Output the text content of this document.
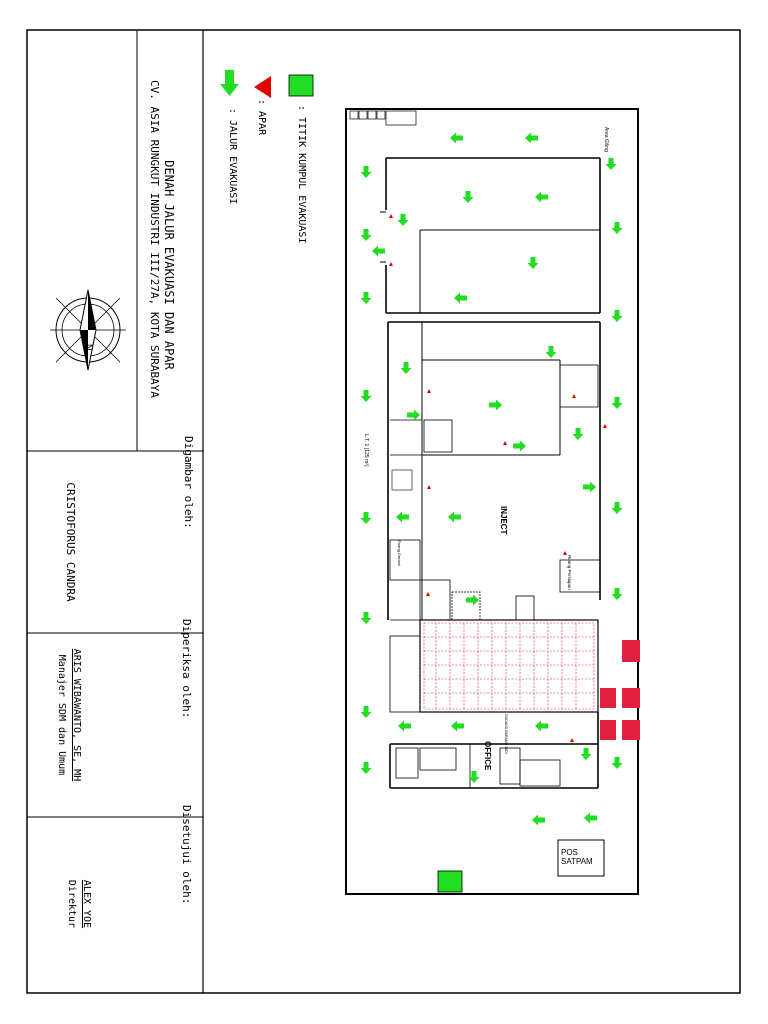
DENAH JALUR EVAKUASI DAN APAR
CV. ASIA RUNGKUT INDUSTRI III/27A, KOTA SURABAYA	: TITIK KUMPUL EVAKUASI
: APAR
: JALUR EVAKUASI
Digambar oleh:
CRISTOFORUS CANDRA
Diperiksa oleh:
ARIS WIBAWANTO, SE, MH
Manajer SDM dan Umum
Disetujui oleh:
ALEX YOE
Direktur
Area Giling
INJECT
OFFICE
Ruang Persiapan
L.T. 1 (125 m²)
Ruang Genset
GUDANG BARANG JADI
POS
SATPAM
N
